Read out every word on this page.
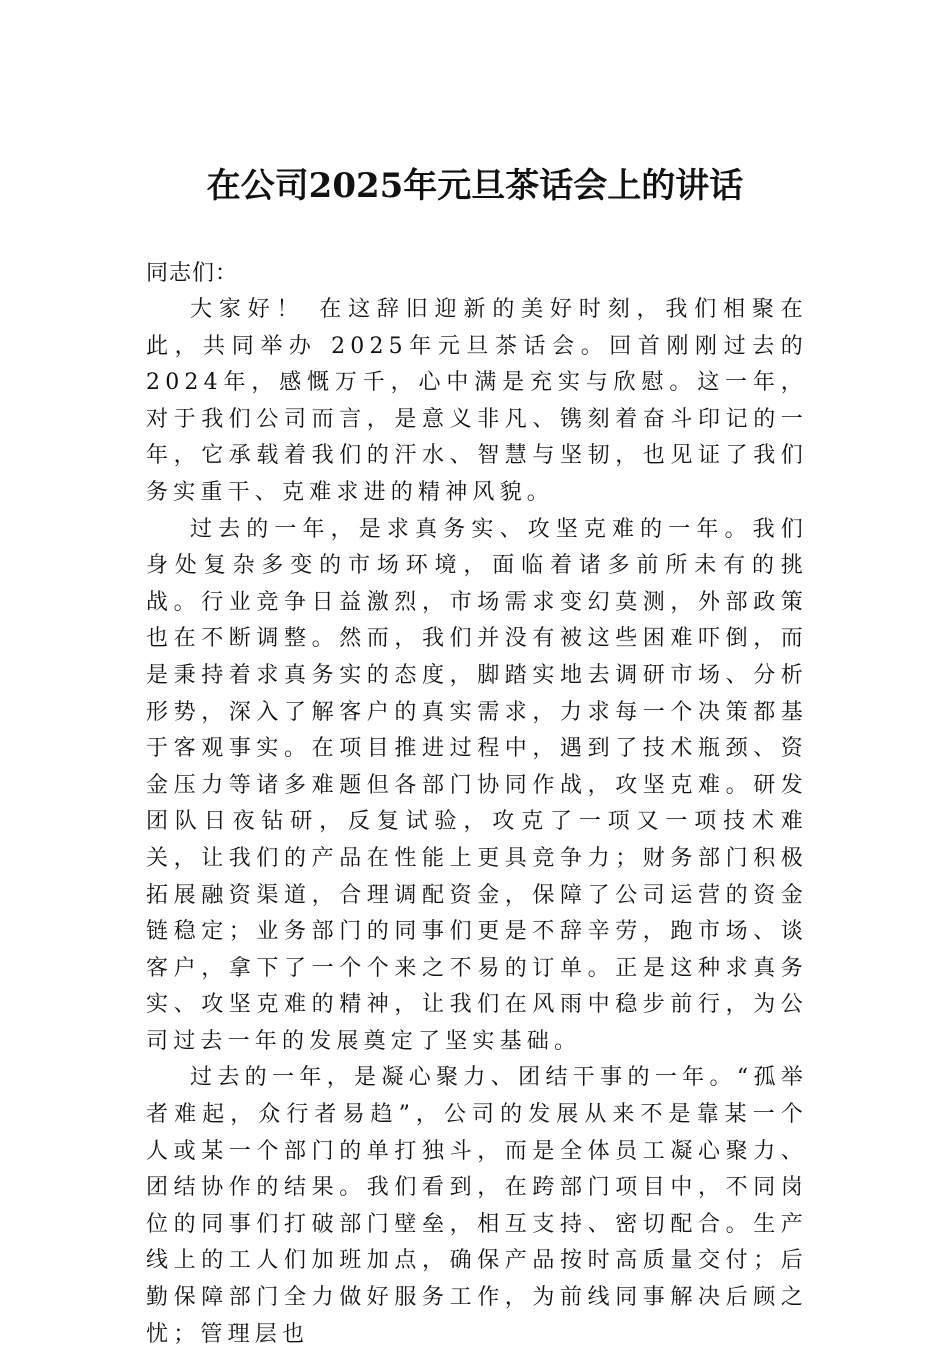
在公司2025年元旦茶话会上的讲话

同志们：

大家好！ 在这辞旧迎新的美好时刻，我们相聚在此，共同举办 2025年元旦茶话会。回首刚刚过去的 2024年，感慨万千，心中满是充实与欣慰。这一年，对于我们公司而言，是意义非凡、镌刻着奋斗印记的一年，它承载着我们的汗水、智慧与坚韧，也见证了我们务实重干、克难求进的精神风貌。

过去的一年，是求真务实、攻坚克难的一年。我们身处复杂多变的市场环境，面临着诸多前所未有的挑战。行业竞争日益激烈，市场需求变幻莫测，外部政策也在不断调整。然而，我们并没有被这些困难吓倒，而是秉持着求真务实的态度，脚踏实地去调研市场、分析形势，深入了解客户的真实需求，力求每一个决策都基于客观事实。在项目推进过程中，遇到了技术瓶颈、资金压力等诸多难题但各部门协同作战，攻坚克难。研发团队日夜钻研，反复试验，攻克了一项又一项技术难关，让我们的产品在性能上更具竞争力；财务部门积极拓展融资渠道，合理调配资金，保障了公司运营的资金链稳定；业务部门的同事们更是不辞辛劳，跑市场、谈客户，拿下了一个个来之不易的订单。正是这种求真务实、攻坚克难的精神，让我们在风雨中稳步前行，为公司过去一年的发展奠定了坚实基础。

过去的一年，是凝心聚力、团结干事的一年。“孤举者难起，众行者易趋”，公司的发展从来不是靠某一个人或某一个部门的单打独斗，而是全体员工凝心聚力、团结协作的结果。我们看到，在跨部门项目中，不同岗位的同事们打破部门壁垒，相互支持、密切配合。生产线上的工人们加班加点，确保产品按时高质量交付；后勤保障部门全力做好服务工作，为前线同事解决后顾之忧；管理层也
